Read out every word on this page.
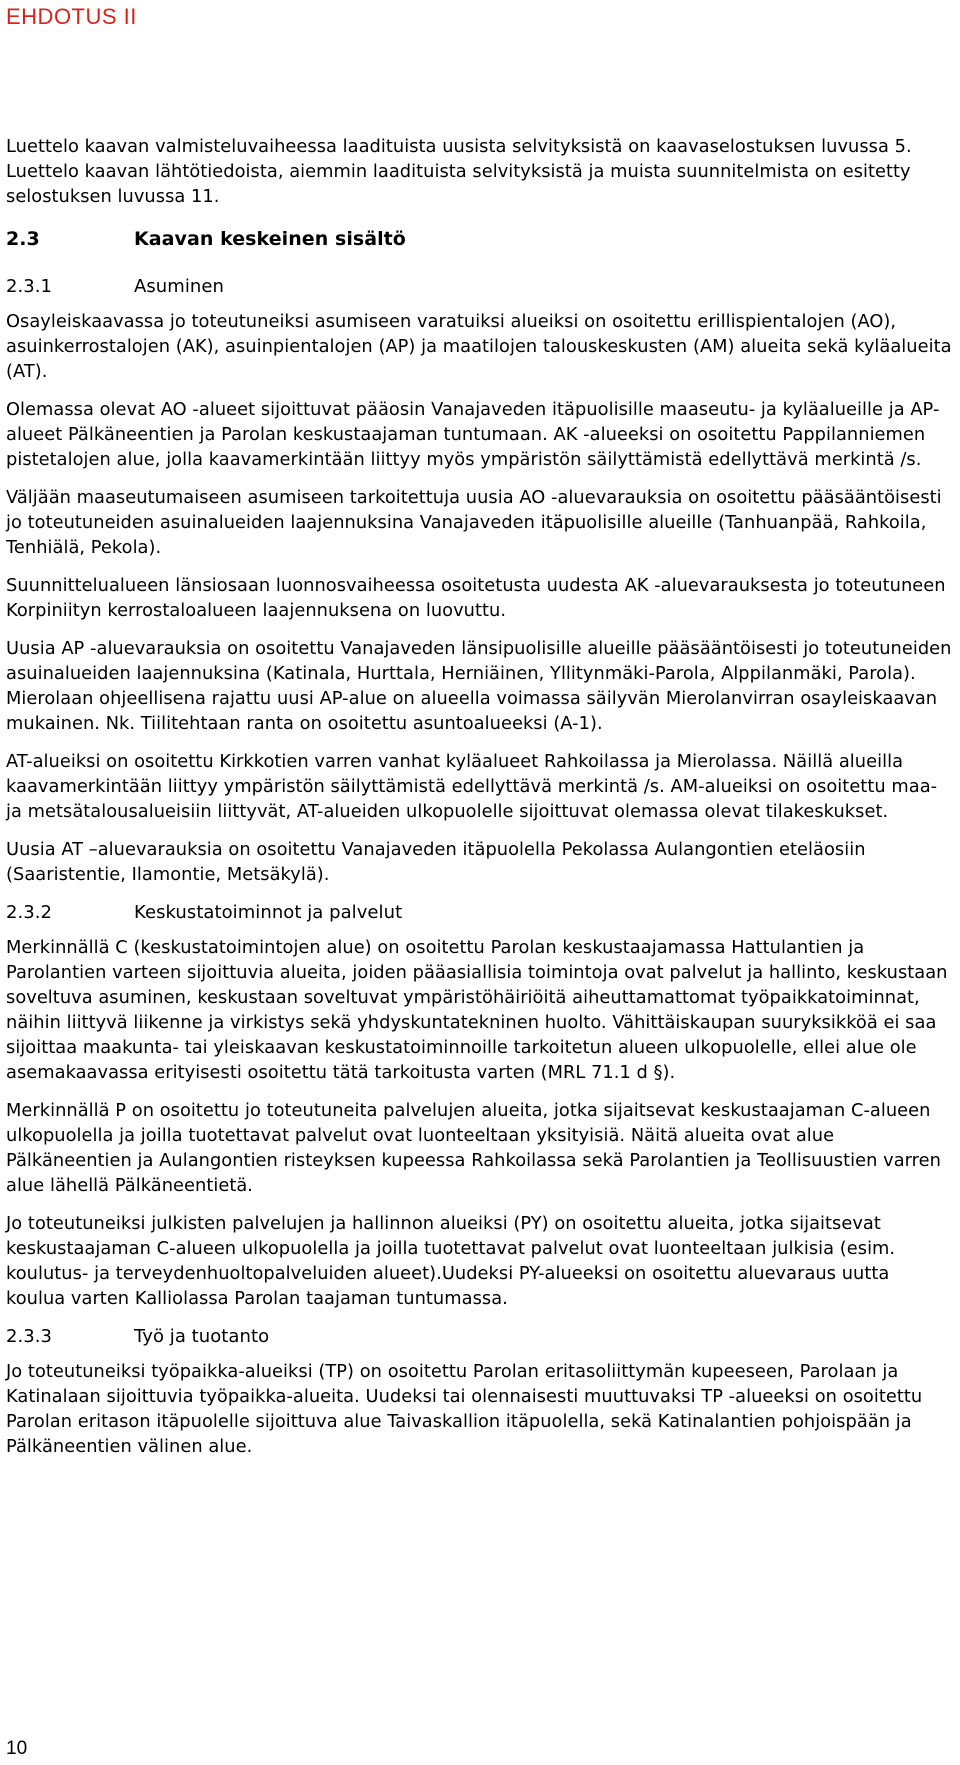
EHDOTUS II

Luettelo kaavan valmisteluvaiheessa laadituista uusista selvityksistä on kaavaselostuksen luvussa 5. Luettelo kaavan lähtötiedoista, aiemmin laadituista selvityksistä ja muista suunnitelmista on esitetty selostuksen luvussa 11.

2.3	Kaavan keskeinen sisältö
2.3.1	Asuminen

Osayleiskaavassa jo toteutuneiksi asumiseen varatuiksi alueiksi on osoitettu erillispientalojen (AO), asuinkerrostalojen (AK), asuinpientalojen (AP) ja maatilojen talouskeskusten (AM) alueita sekä kyläalueita (AT).

Olemassa olevat AO -alueet sijoittuvat pääosin Vanajaveden itäpuolisille maaseutu- ja kyläalueille ja AP-alueet Pälkäneentien ja Parolan keskustaajaman tuntumaan. AK -alueeksi on osoitettu Pappilanniemen pistetalojen alue, jolla kaavamerkintään liittyy myös ympäristön säilyttämistä edellyttävä merkintä /s.

Väljään maaseutumaiseen asumiseen tarkoitettuja uusia AO -aluevarauksia on osoitettu pääsääntöisesti jo toteutuneiden asuinalueiden laajennuksina Vanajaveden itäpuolisille alueille (Tanhuanpää, Rahkoila, Tenhiälä, Pekola).

Suunnittelualueen länsiosaan luonnosvaiheessa osoitetusta uudesta AK -aluevarauksesta jo toteutuneen Korpiniityn kerrostaloalueen laajennuksena on luovuttu.

Uusia AP -aluevarauksia on osoitettu Vanajaveden länsipuolisille alueille pääsääntöisesti jo toteutuneiden asuinalueiden laajennuksina (Katinala, Hurttala, Herniäinen, Yllitynmäki-Parola, Alppilanmäki, Parola). Mierolaan ohjeellisena rajattu uusi AP-alue on alueella voimassa säilyvän Mierolanvirran osayleiskaavan mukainen. Nk. Tiilitehtaan ranta on osoitettu asuntoalueeksi (A-1).

AT-alueiksi on osoitettu Kirkkotien varren vanhat kyläalueet Rahkoilassa ja Mierolassa. Näillä alueilla kaavamerkintään liittyy ympäristön säilyttämistä edellyttävä merkintä /s. AM-alueiksi on osoitettu maa- ja metsätalousalueisiin liittyvät, AT-alueiden ulkopuolelle sijoittuvat olemassa olevat tilakeskukset.

Uusia AT –aluevarauksia on osoitettu Vanajaveden itäpuolella Pekolassa Aulangontien eteläosiin (Saaristentie, Ilamontie, Metsäkylä).

2.3.2	Keskustatoiminnot ja palvelut

Merkinnällä C (keskustatoimintojen alue) on osoitettu Parolan keskustaajamassa Hattulantien ja Parolantien varteen sijoittuvia alueita, joiden pääasiallisia toimintoja ovat palvelut ja hallinto, keskustaan soveltuva asuminen, keskustaan soveltuvat ympäristöhäiriöitä aiheuttamattomat työpaikkatoiminnat, näihin liittyvä liikenne ja virkistys sekä yhdyskuntatekninen huolto. Vähittäiskaupan suuryksikköä ei saa sijoittaa maakunta- tai yleiskaavan keskustatoiminnoille tarkoitetun alueen ulkopuolelle, ellei alue ole asemakaavassa erityisesti osoitettu tätä tarkoitusta varten (MRL 71.1 d §).

Merkinnällä P on osoitettu jo toteutuneita palvelujen alueita, jotka sijaitsevat keskustaajaman C-alueen ulkopuolella ja joilla tuotettavat palvelut ovat luonteeltaan yksityisiä. Näitä alueita ovat alue Pälkäneentien ja Aulangontien risteyksen kupeessa Rahkoilassa sekä Parolantien ja Teollisuustien varren alue lähellä Pälkäneentietä.

Jo toteutuneiksi julkisten palvelujen ja hallinnon alueiksi (PY) on osoitettu alueita, jotka sijaitsevat keskustaajaman C-alueen ulkopuolella ja joilla tuotettavat palvelut ovat luonteeltaan julkisia (esim. koulutus- ja terveydenhuoltopalveluiden alueet).Uudeksi PY-alueeksi on osoitettu aluevaraus uutta koulua varten Kalliolassa Parolan taajaman tuntumassa.

2.3.3	Työ ja tuotanto

Jo toteutuneiksi työpaikka-alueiksi (TP) on osoitettu Parolan eritasoliittymän kupeeseen, Parolaan ja Katinalaan sijoittuvia työpaikka-alueita. Uudeksi tai olennaisesti muuttuvaksi TP -alueeksi on osoitettu Parolan eritason itäpuolelle sijoittuva alue Taivaskallion itäpuolella, sekä Katinalantien pohjoispään ja Pälkäneentien välinen alue.

10
